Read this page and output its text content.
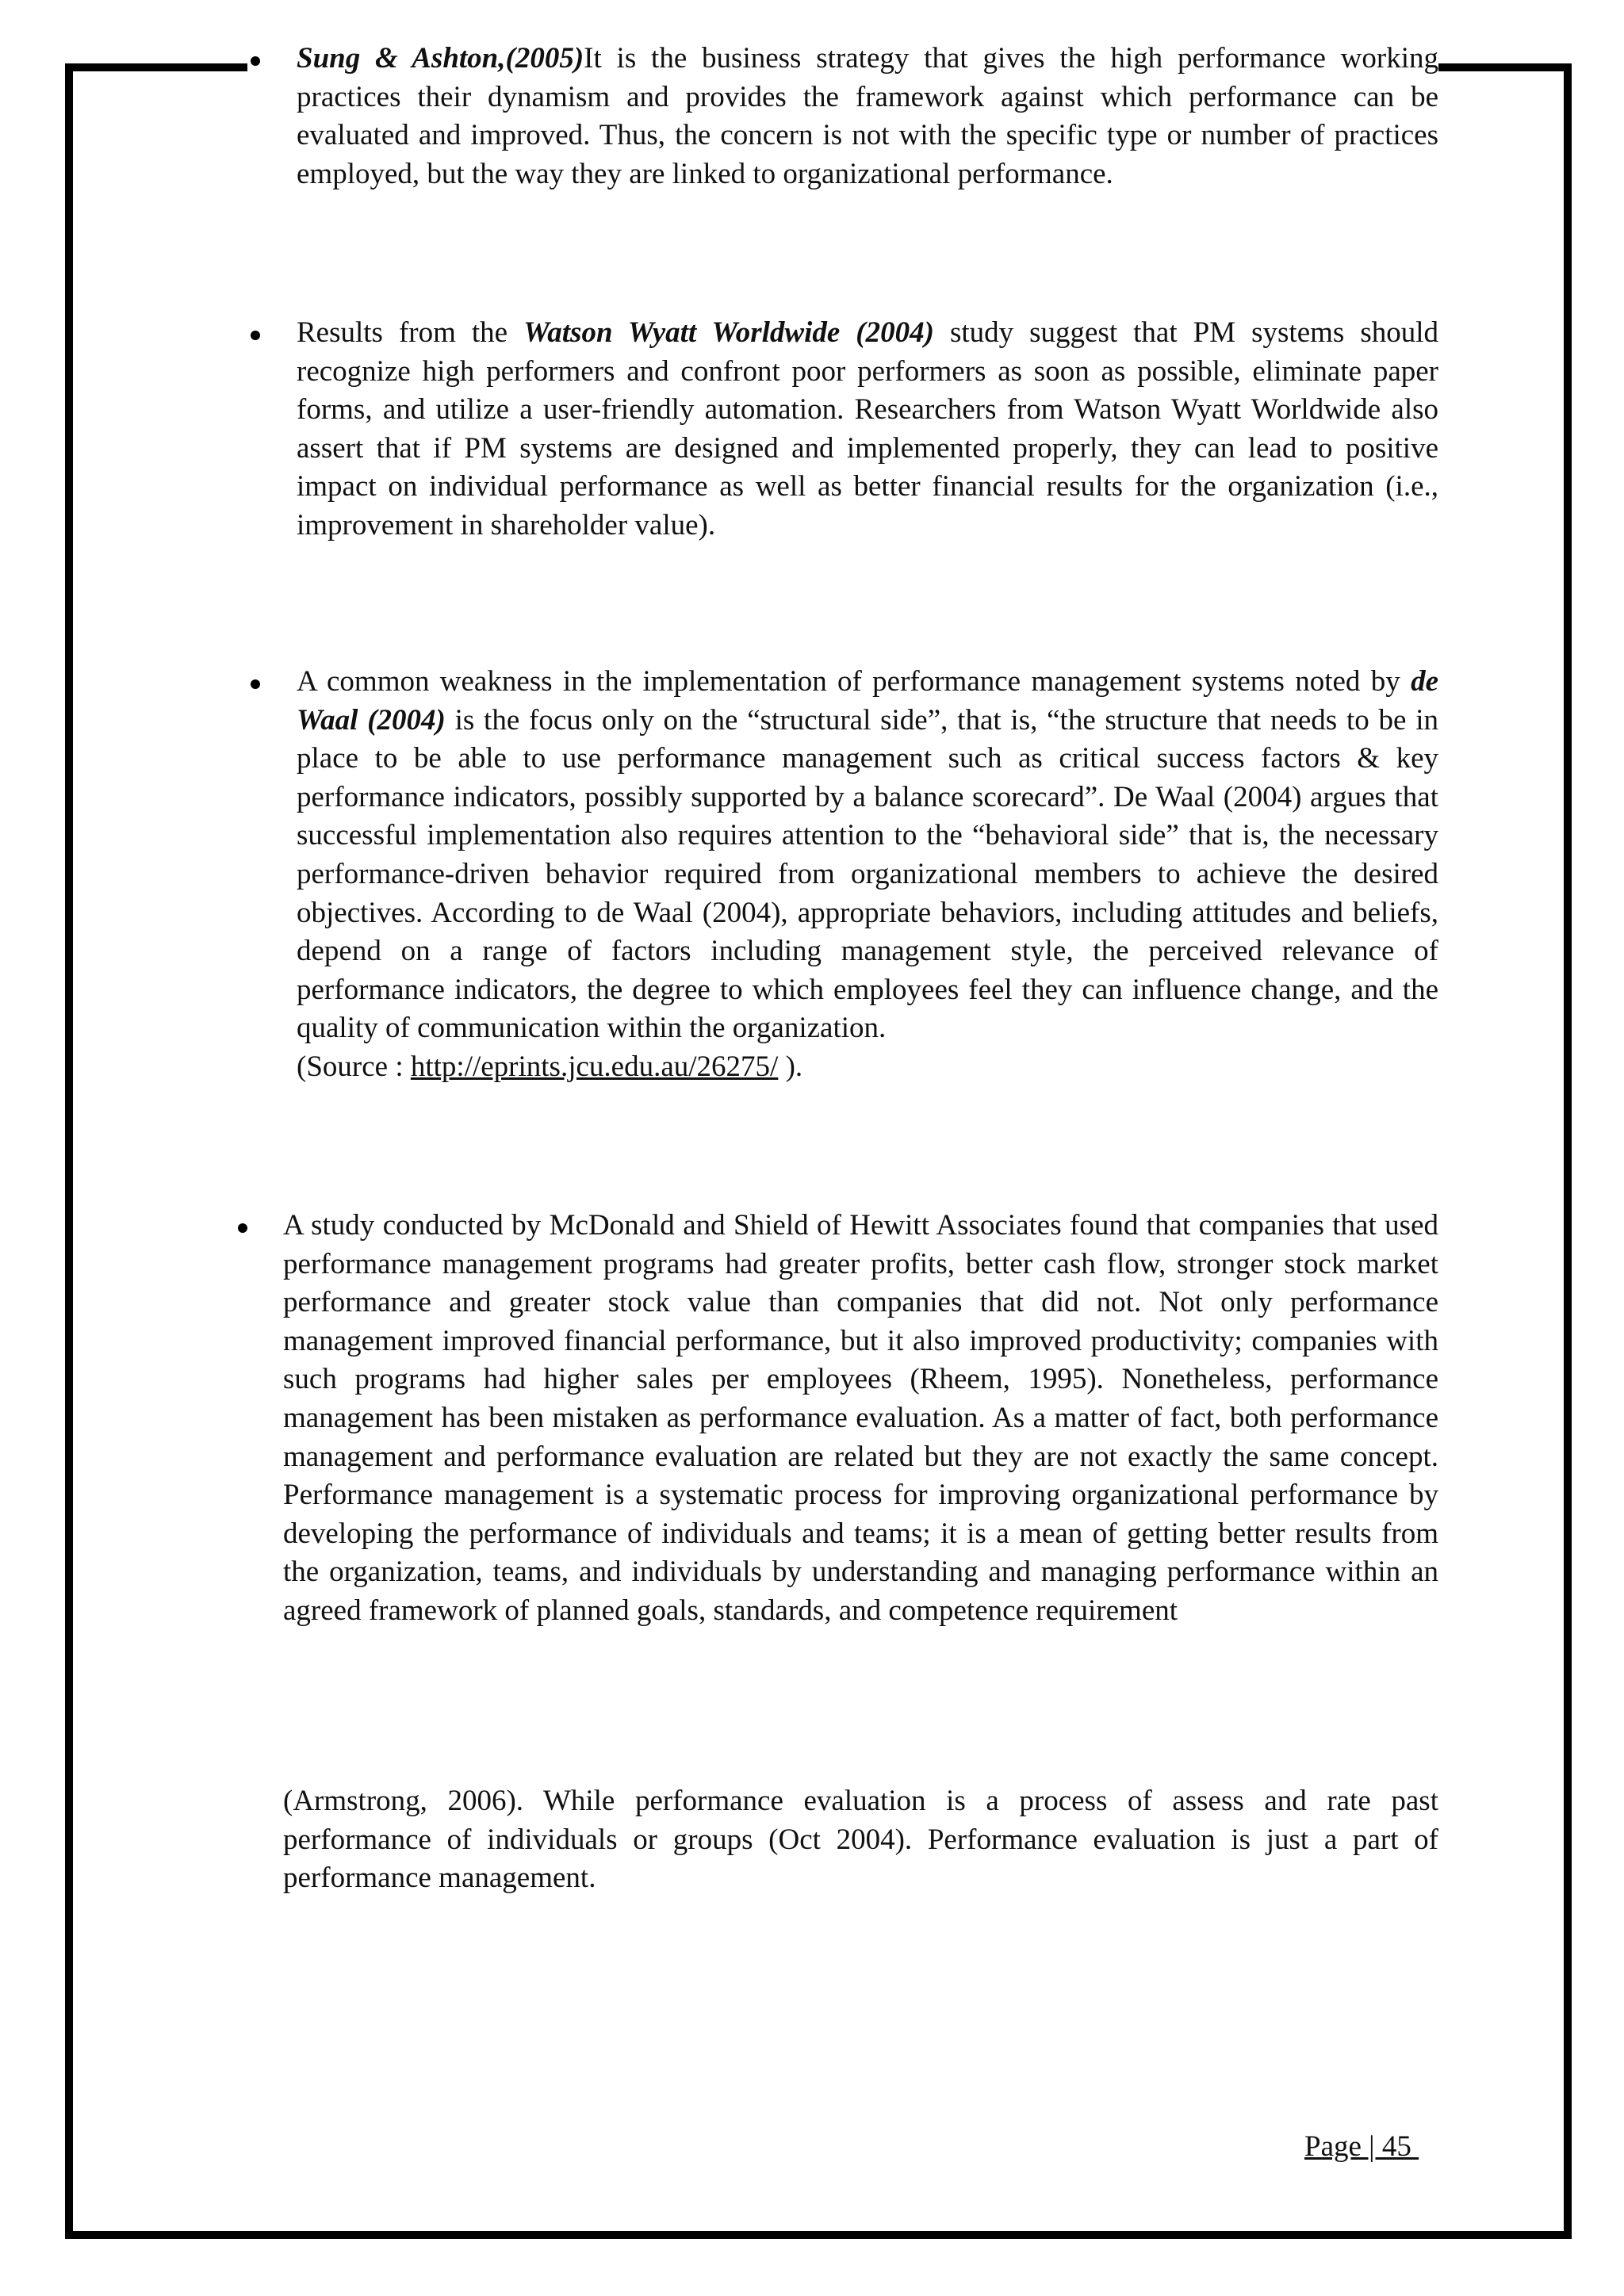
Sung & Ashton,(2005)It is the business strategy that gives the high performance working practices their dynamism and provides the framework against which performance can be evaluated and improved. Thus, the concern is not with the specific type or number of practices employed, but the way they are linked to organizational performance.
Results from the Watson Wyatt Worldwide (2004) study suggest that PM systems should recognize high performers and confront poor performers as soon as possible, eliminate paper forms, and utilize a user-friendly automation. Researchers from Watson Wyatt Worldwide also assert that if PM systems are designed and implemented properly, they can lead to positive impact on individual performance as well as better financial results for the organization (i.e., improvement in shareholder value).
A common weakness in the implementation of performance management systems noted by de Waal (2004) is the focus only on the “structural side”, that is, “the structure that needs to be in place to be able to use performance management such as critical success factors & key performance indicators, possibly supported by a balance scorecard”. De Waal (2004) argues that successful implementation also requires attention to the “behavioral side” that is, the necessary performance-driven behavior required from organizational members to achieve the desired objectives. According to de Waal (2004), appropriate behaviors, including attitudes and beliefs, depend on a range of factors including management style, the perceived relevance of performance indicators, the degree to which employees feel they can influence change, and the quality of communication within the organization.
(Source : http://eprints.jcu.edu.au/26275/ ).
A study conducted by McDonald and Shield of Hewitt Associates found that companies that used performance management programs had greater profits, better cash flow, stronger stock market performance and greater stock value than companies that did not. Not only performance management improved financial performance, but it also improved productivity; companies with such programs had higher sales per employees (Rheem, 1995). Nonetheless, performance management has been mistaken as performance evaluation. As a matter of fact, both performance management and performance evaluation are related but they are not exactly the same concept. Performance management is a systematic process for improving organizational performance by developing the performance of individuals and teams; it is a mean of getting better results from the organization, teams, and individuals by understanding and managing performance within an agreed framework of planned goals, standards, and competence requirement
(Armstrong, 2006). While performance evaluation is a process of assess and rate past performance of individuals or groups (Oct 2004). Performance evaluation is just a part of performance management.
Page | 45
